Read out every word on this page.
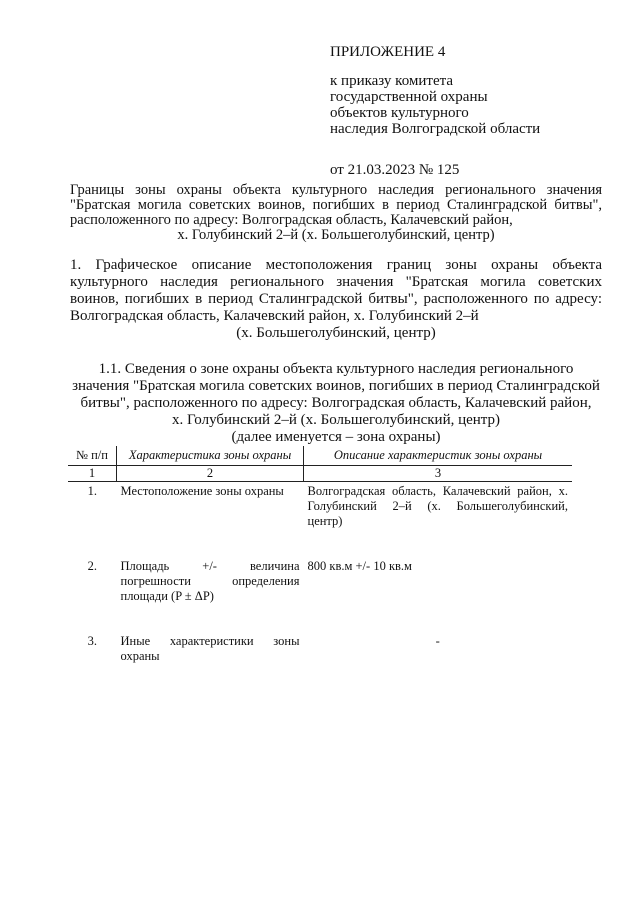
ПРИЛОЖЕНИЕ 4
к приказу комитета
государственной охраны
объектов культурного
наследия Волгоградской области
от 21.03.2023 № 125
Границы зоны охраны объекта культурного наследия регионального значения "Братская могила советских воинов, погибших в период Сталинградской битвы", расположенного по адресу: Волгоградская область, Калачевский район,
х. Голубинский 2–й (х. Большеголубинский, центр)
1. Графическое описание местоположения границ зоны охраны объекта культурного наследия регионального значения "Братская могила советских воинов, погибших в период Сталинградской битвы", расположенного по адресу: Волгоградская область, Калачевский район, х. Голубинский 2–й
(х. Большеголубинский, центр)
1.1. Сведения о зоне охраны объекта культурного наследия регионального
значения "Братская могила советских воинов, погибших в период Сталинградской
битвы", расположенного по адресу: Волгоградская область, Калачевский район,
х. Голубинский 2–й (х. Большеголубинский, центр)
(далее именуется – зона охраны)
№ п/п	Характеристика зоны охраны	Описание характеристик зоны охраны
1	2	3
1.	Местоположение зоны охраны	Волгоградская область, Калачевский район, х. Голубинский 2–й (х. Большеголубинский, центр)
2.	Площадь +/- величина погрешности определения площади (P ± ΔP)	800 кв.м +/- 10 кв.м
3.	Иные характеристики зоны охраны	-
